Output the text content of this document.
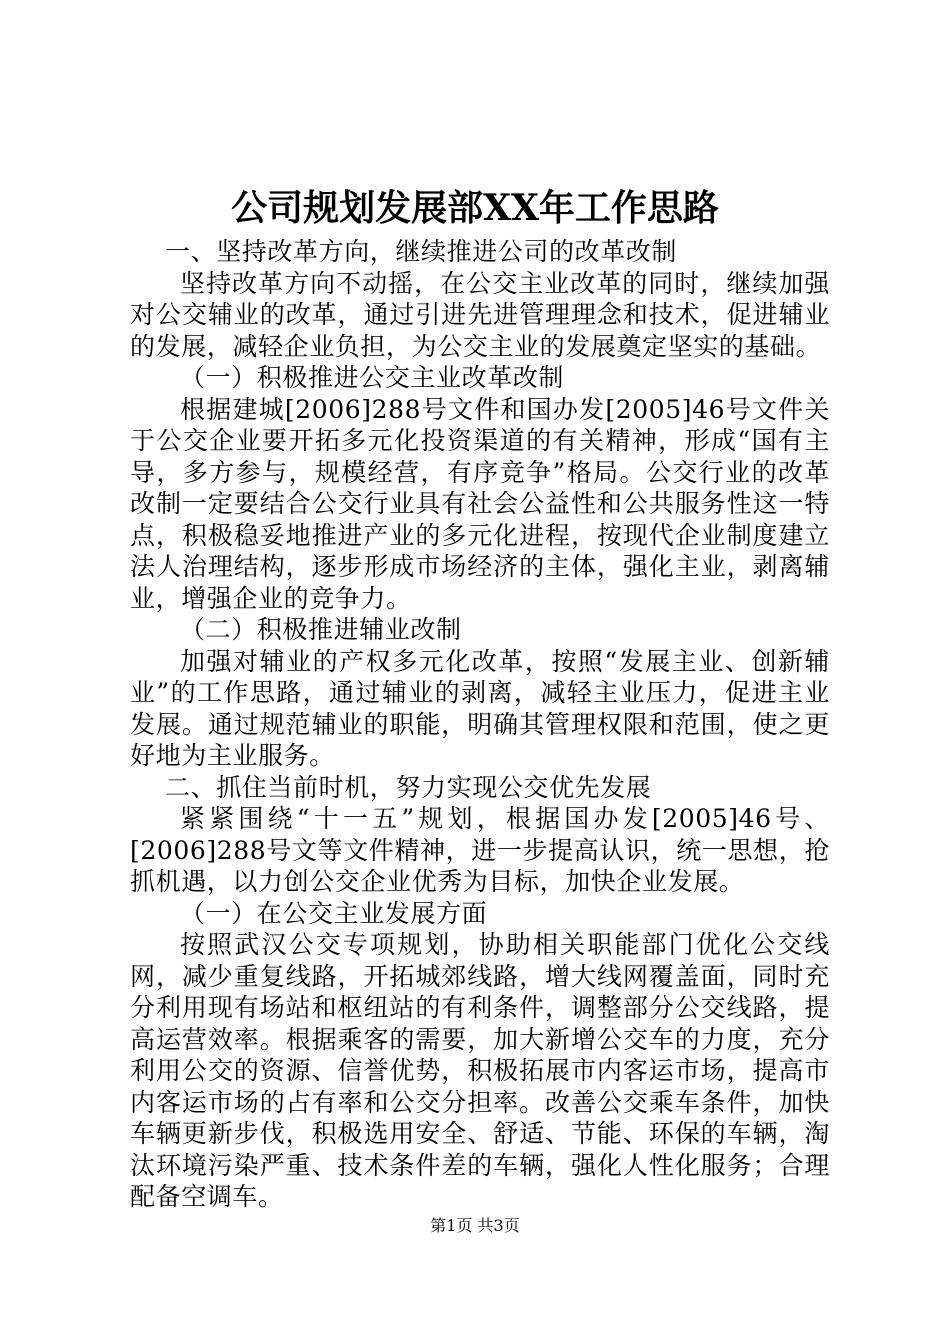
公司规划发展部XX年工作思路

一、坚持改革方向，继续推进公司的改革改制

坚持改革方向不动摇，在公交主业改革的同时，继续加强对公交辅业的改革，通过引进先进管理理念和技术，促进辅业的发展，减轻企业负担，为公交主业的发展奠定坚实的基础。

（一）积极推进公交主业改革改制

根据建城[2006]288号文件和国办发[2005]46号文件关于公交企业要开拓多元化投资渠道的有关精神，形成“国有主导，多方参与，规模经营，有序竞争”格局。公交行业的改革改制一定要结合公交行业具有社会公益性和公共服务性这一特点，积极稳妥地推进产业的多元化进程，按现代企业制度建立法人治理结构，逐步形成市场经济的主体，强化主业，剥离辅业，增强企业的竞争力。

（二）积极推进辅业改制

加强对辅业的产权多元化改革，按照“发展主业、创新辅业”的工作思路，通过辅业的剥离，减轻主业压力，促进主业发展。通过规范辅业的职能，明确其管理权限和范围，使之更好地为主业服务。

二、抓住当前时机，努力实现公交优先发展

紧紧围绕“十一五”规划，根据国办发[2005]46号、[2006]288号文等文件精神，进一步提高认识，统一思想，抢抓机遇，以力创公交企业优秀为目标，加快企业发展。

（一）在公交主业发展方面

按照武汉公交专项规划，协助相关职能部门优化公交线网，减少重复线路，开拓城郊线路，增大线网覆盖面，同时充分利用现有场站和枢纽站的有利条件，调整部分公交线路，提高运营效率。根据乘客的需要，加大新增公交车的力度，充分利用公交的资源、信誉优势，积极拓展市内客运市场，提高市内客运市场的占有率和公交分担率。改善公交乘车条件，加快车辆更新步伐，积极选用安全、舒适、节能、环保的车辆，淘汰环境污染严重、技术条件差的车辆，强化人性化服务；合理配备空调车。

第1页 共3页
